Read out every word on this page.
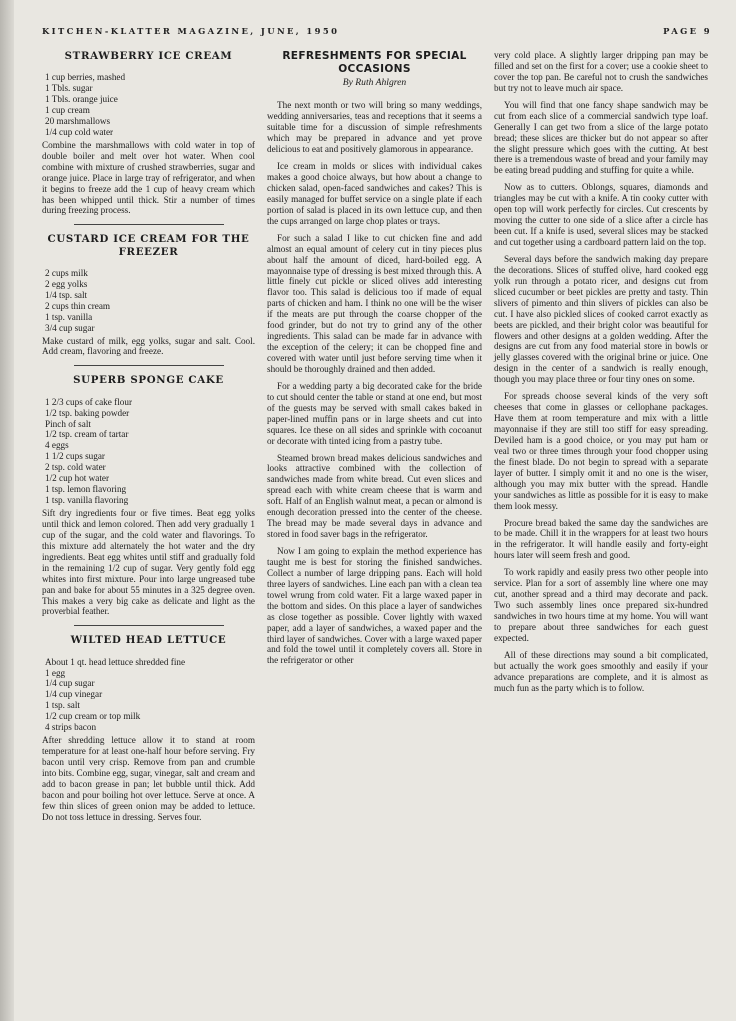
KITCHEN-KLATTER MAGAZINE, JUNE, 1950	PAGE 9
STRAWBERRY ICE CREAM
1 cup berries, mashed
1 Tbls. sugar
1 Tbls. orange juice
1 cup cream
20 marshmallows
1/4 cup cold water

Combine the marshmallows with cold water in top of double boiler and melt over hot water. When cool combine with mixture of crushed strawberries, sugar and orange juice. Place in large tray of refrigerator, and when it begins to freeze add the 1 cup of heavy cream which has been whipped until thick. Stir a number of times during freezing process.

CUSTARD ICE CREAM FOR THE FREEZER
2 cups milk
2 egg yolks
1/4 tsp. salt
2 cups thin cream
1 tsp. vanilla
3/4 cup sugar

Make custard of milk, egg yolks, sugar and salt. Cool. Add cream, flavoring and freeze.

SUPERB SPONGE CAKE
1 2/3 cups of cake flour
1/2 tsp. baking powder
Pinch of salt
1/2 tsp. cream of tartar
4 eggs
1 1/2 cups sugar
2 tsp. cold water
1/2 cup hot water
1 tsp. lemon flavoring
1 tsp. vanilla flavoring

Sift dry ingredients four or five times. Beat egg yolks until thick and lemon colored. Then add very gradually 1 cup of the sugar, and the cold water and flavorings. To this mixture add alternately the hot water and the dry ingredients. Beat egg whites until stiff and gradually fold in the remaining 1/2 cup of sugar. Very gently fold egg whites into first mixture. Pour into large ungreased tube pan and bake for about 55 minutes in a 325 degree oven. This makes a very big cake as delicate and light as the proverbial feather.

WILTED HEAD LETTUCE
About 1 qt. head lettuce shredded fine
1 egg
1/4 cup sugar
1/4 cup vinegar
1 tsp. salt
1/2 cup cream or top milk
4 strips bacon

After shredding lettuce allow it to stand at room temperature for at least one-half hour before serving. Fry bacon until very crisp. Remove from pan and crumble into bits. Combine egg, sugar, vinegar, salt and cream and add to bacon grease in pan; let bubble until thick. Add bacon and pour boiling hot over lettuce. Serve at once. A few thin slices of green onion may be added to lettuce. Do not toss lettuce in dressing. Serves four.

REFRESHMENTS FOR SPECIAL
OCCASIONS
By Ruth Ahlgren

The next month or two will bring so many weddings, wedding anniversaries, teas and receptions that it seems a suitable time for a discussion of simple refreshments which may be prepared in advance and yet prove delicious to eat and positively glamorous in appearance.

Ice cream in molds or slices with individual cakes makes a good choice always, but how about a change to chicken salad, open-faced sandwiches and cakes? This is easily managed for buffet service on a single plate if each portion of salad is placed in its own lettuce cup, and then the cups arranged on large chop plates or trays.

For such a salad I like to cut chicken fine and add almost an equal amount of celery cut in tiny pieces plus about half the amount of diced, hard-boiled egg. A mayonnaise type of dressing is best mixed through this. A little finely cut pickle or sliced olives add interesting flavor too. This salad is delicious too if made of equal parts of chicken and ham. I think no one will be the wiser if the meats are put through the coarse chopper of the food grinder, but do not try to grind any of the other ingredients. This salad can be made far in advance with the exception of the celery; it can be chopped fine and covered with water until just before serving time when it should be thoroughly drained and then added.

For a wedding party a big decorated cake for the bride to cut should center the table or stand at one end, but most of the guests may be served with small cakes baked in paper-lined muffin pans or in large sheets and cut into squares. Ice these on all sides and sprinkle with cocoanut or decorate with tinted icing from a pastry tube.

Steamed brown bread makes delicious sandwiches and looks attractive combined with the collection of sandwiches made from white bread. Cut even slices and spread each with white cream cheese that is warm and soft. Half of an English walnut meat, a pecan or almond is enough decoration pressed into the center of the cheese. The bread may be made several days in advance and stored in food saver bags in the refrigerator.

Now I am going to explain the method experience has taught me is best for storing the finished sandwiches. Collect a number of large dripping pans. Each will hold three layers of sandwiches. Line each pan with a clean tea towel wrung from cold water. Fit a large waxed paper in the bottom and sides. On this place a layer of sandwiches as close together as possible. Cover lightly with waxed paper, add a layer of sandwiches, a waxed paper and the third layer of sandwiches. Cover with a large waxed paper and fold the towel until it completely covers all. Store in the refrigerator or other

very cold place. A slightly larger dripping pan may be filled and set on the first for a cover; use a cookie sheet to cover the top pan. Be careful not to crush the sandwiches but try not to leave much air space.

You will find that one fancy shape sandwich may be cut from each slice of a commercial sandwich type loaf. Generally I can get two from a slice of the large potato bread; these slices are thicker but do not appear so after the slight pressure which goes with the cutting. At best there is a tremendous waste of bread and your family may be eating bread pudding and stuffing for quite a while.

Now as to cutters. Oblongs, squares, diamonds and triangles may be cut with a knife. A tin cooky cutter with open top will work perfectly for circles. Cut crescents by moving the cutter to one side of a slice after a circle has been cut. If a knife is used, several slices may be stacked and cut together using a cardboard pattern laid on the top.

Several days before the sandwich making day prepare the decorations. Slices of stuffed olive, hard cooked egg yolk run through a potato ricer, and designs cut from sliced cucumber or beet pickles are pretty and tasty. Thin slivers of pimento and thin slivers of pickles can also be cut. I have also pickled slices of cooked carrot exactly as beets are pickled, and their bright color was beautiful for flowers and other designs at a golden wedding. After the designs are cut from any food material store in bowls or jelly glasses covered with the original brine or juice. One design in the center of a sandwich is really enough, though you may place three or four tiny ones on some.

For spreads choose several kinds of the very soft cheeses that come in glasses or cellophane packages. Have them at room temperature and mix with a little mayonnaise if they are still too stiff for easy spreading. Deviled ham is a good choice, or you may put ham or veal two or three times through your food chopper using the finest blade. Do not begin to spread with a separate layer of butter. I simply omit it and no one is the wiser, although you may mix butter with the spread. Handle your sandwiches as little as possible for it is easy to make them look messy.

Procure bread baked the same day the sandwiches are to be made. Chill it in the wrappers for at least two hours in the refrigerator. It will handle easily and forty-eight hours later will seem fresh and good.

To work rapidly and easily press two other people into service. Plan for a sort of assembly line where one may cut, another spread and a third may decorate and pack. Two such assembly lines once prepared six-hundred sandwiches in two hours time at my home. You will want to prepare about three sandwiches for each guest expected.

All of these directions may sound a bit complicated, but actually the work goes smoothly and easily if your advance preparations are complete, and it is almost as much fun as the party which is to follow.
